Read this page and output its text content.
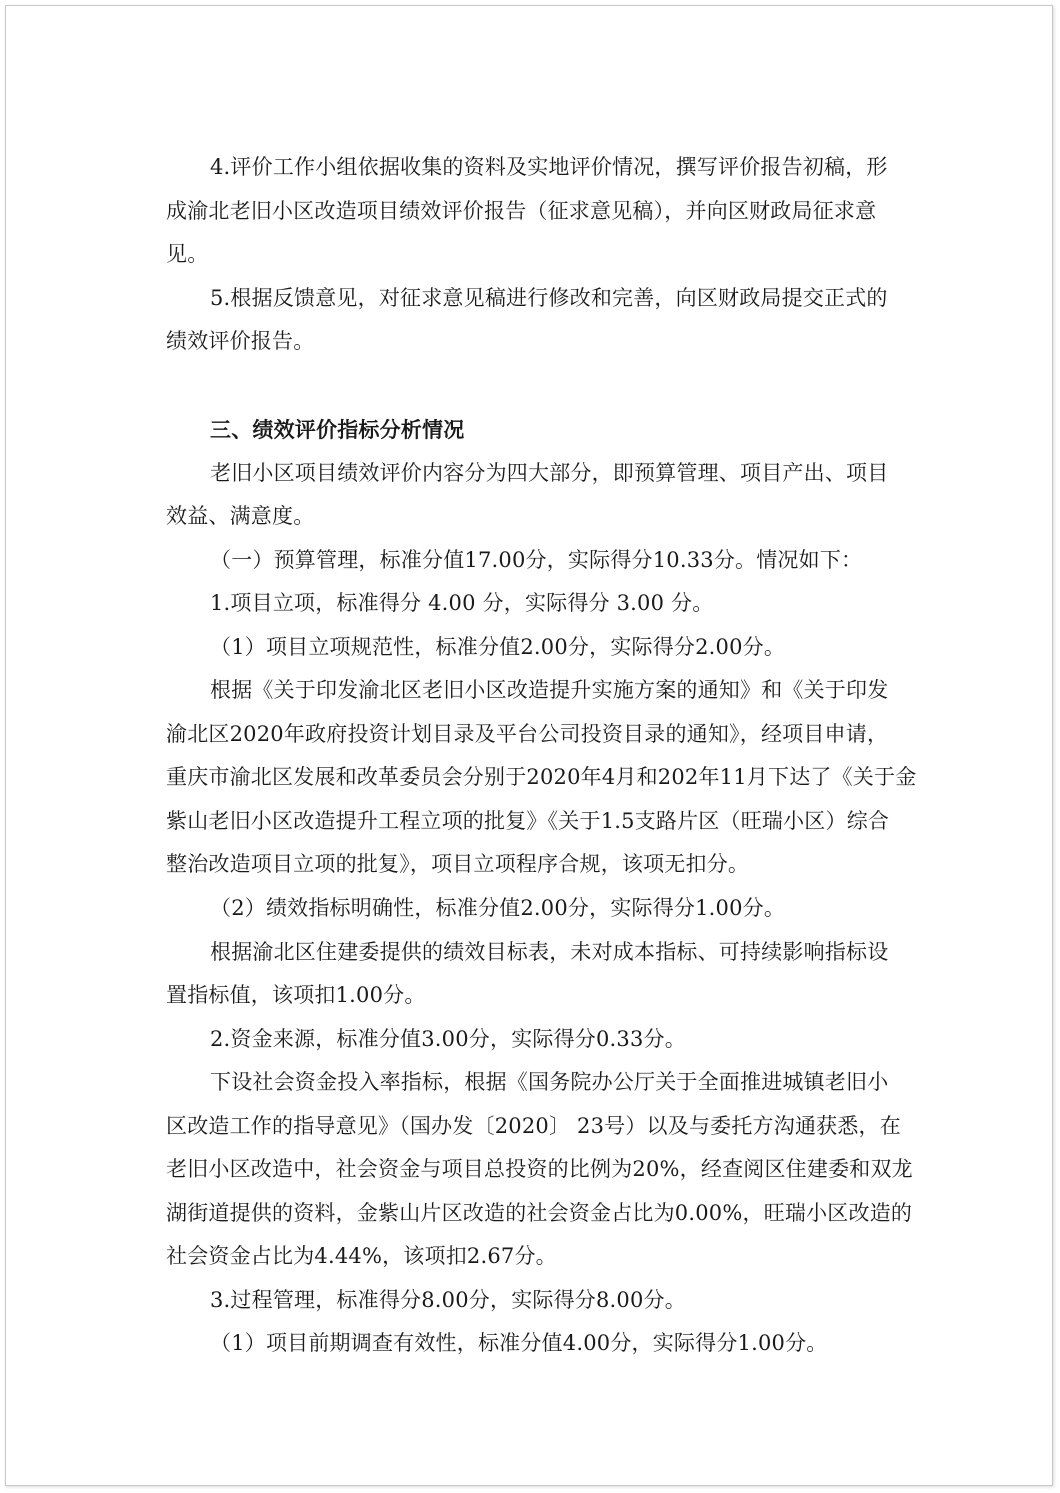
4.评价工作小组依据收集的资料及实地评价情况，撰写评价报告初稿，形
成渝北老旧小区改造项目绩效评价报告（征求意见稿），并向区财政局征求意
见。
5.根据反馈意见，对征求意见稿进行修改和完善，向区财政局提交正式的
绩效评价报告。
三、绩效评价指标分析情况
老旧小区项目绩效评价内容分为四大部分，即预算管理、项目产出、项目
效益、满意度。
（一）预算管理，标准分值17.00分，实际得分10.33分。情况如下：
1.项目立项，标准得分 4.00 分，实际得分 3.00 分。
（1）项目立项规范性，标准分值2.00分，实际得分2.00分。
根据《关于印发渝北区老旧小区改造提升实施方案的通知》和《关于印发
渝北区2020年政府投资计划目录及平台公司投资目录的通知》，经项目申请，
重庆市渝北区发展和改革委员会分别于2020年4月和202年11月下达了《关于金
紫山老旧小区改造提升工程立项的批复》《关于1.5支路片区（旺瑞小区）综合
整治改造项目立项的批复》，项目立项程序合规，该项无扣分。
（2）绩效指标明确性，标准分值2.00分，实际得分1.00分。
根据渝北区住建委提供的绩效目标表，未对成本指标、可持续影响指标设
置指标值，该项扣1.00分。
2.资金来源，标准分值3.00分，实际得分0.33分。
下设社会资金投入率指标，根据《国务院办公厅关于全面推进城镇老旧小
区改造工作的指导意见》（国办发〔2020〕 23号）以及与委托方沟通获悉，在
老旧小区改造中，社会资金与项目总投资的比例为20%，经查阅区住建委和双龙
湖街道提供的资料，金紫山片区改造的社会资金占比为0.00%，旺瑞小区改造的
社会资金占比为4.44%，该项扣2.67分。
3.过程管理，标准得分8.00分，实际得分8.00分。
（1）项目前期调查有效性，标准分值4.00分，实际得分1.00分。
